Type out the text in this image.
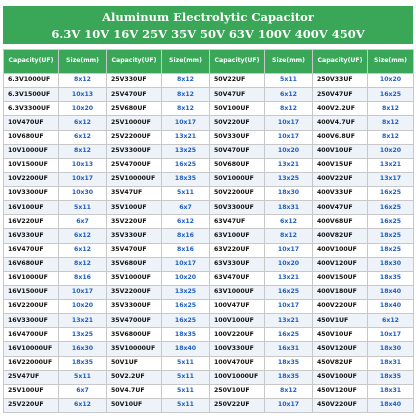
Aluminum Electrolytic Capacitor
6.3V 10V 16V 25V 35V 50V 63V 100V 400V 450V
Capacity(UF)	Size(mm)	Capacity(UF)	Size(mm)	Capacity(UF)	Size(mm)	Capacity(UF)	Size(mm)
6.3V1000UF	8x12	25V330UF	8x12	50V22UF	5x11	250V33UF	10x20
6.3V1500UF	10x13	25V470UF	8x12	50V47UF	6x12	250V47UF	16x25
6.3V3300UF	10x20	25V680UF	8x12	50V100UF	8x12	400V2.2UF	8x12
10V470UF	6x12	25V1000UF	10x17	50V220UF	10x17	400V4.7UF	8x12
10V680UF	6x12	25V2200UF	13x21	50V330UF	10x17	400V6.8UF	8x12
10V1000UF	8x12	25V3300UF	13x25	50V470UF	10x20	400V10UF	10x20
10V1500UF	10x13	25V4700UF	16x25	50V680UF	13x21	400V15UF	13x21
10V2200UF	10x17	25V10000UF	18x35	50V1000UF	13x25	400V22UF	13x17
10V3300UF	10x30	35V47UF	5x11	50V2200UF	18x30	400V33UF	16x25
16V100UF	5x11	35V100UF	6x7	50V3300UF	18x31	400V47UF	16x25
16V220UF	6x7	35V220UF	6x12	63V47UF	6x12	400V68UF	16x25
16V330UF	6x12	35V330UF	8x16	63V100UF	8x12	400V82UF	18x25
16V470UF	6x12	35V470UF	8x16	63V220UF	10x17	400V100UF	18x25
16V680UF	8x12	35V680UF	10x17	63V330UF	10x20	400V120UF	18x30
16V1000UF	8x16	35V1000UF	10x20	63V470UF	13x21	400V150UF	18x35
16V1500UF	10x17	35V2200UF	13x25	63V1000UF	16x25	400V180UF	18x40
16V2200UF	10x20	35V3300UF	16x25	100V47UF	10x17	400V220UF	18x40
16V3300UF	13x21	35V4700UF	16x25	100V100UF	13x21	450V1UF	6x12
16V4700UF	13x25	35V6800UF	18x35	100V220UF	16x25	450V10UF	10x17
16V10000UF	16x30	35V10000UF	18x40	100V330UF	16x31	450V120UF	18x30
16V22000UF	18x35	50V1UF	5x11	100V470UF	18x35	450V82UF	18x31
25V47UF	5x11	50V2.2UF	5x11	100V1000UF	18x35	450V100UF	18x35
25V100UF	6x7	50V4.7UF	5x11	250V10UF	8x12	450V120UF	18x31
25V220UF	6x12	50V10UF	5x11	250V22UF	10x17	450V220UF	18x40
